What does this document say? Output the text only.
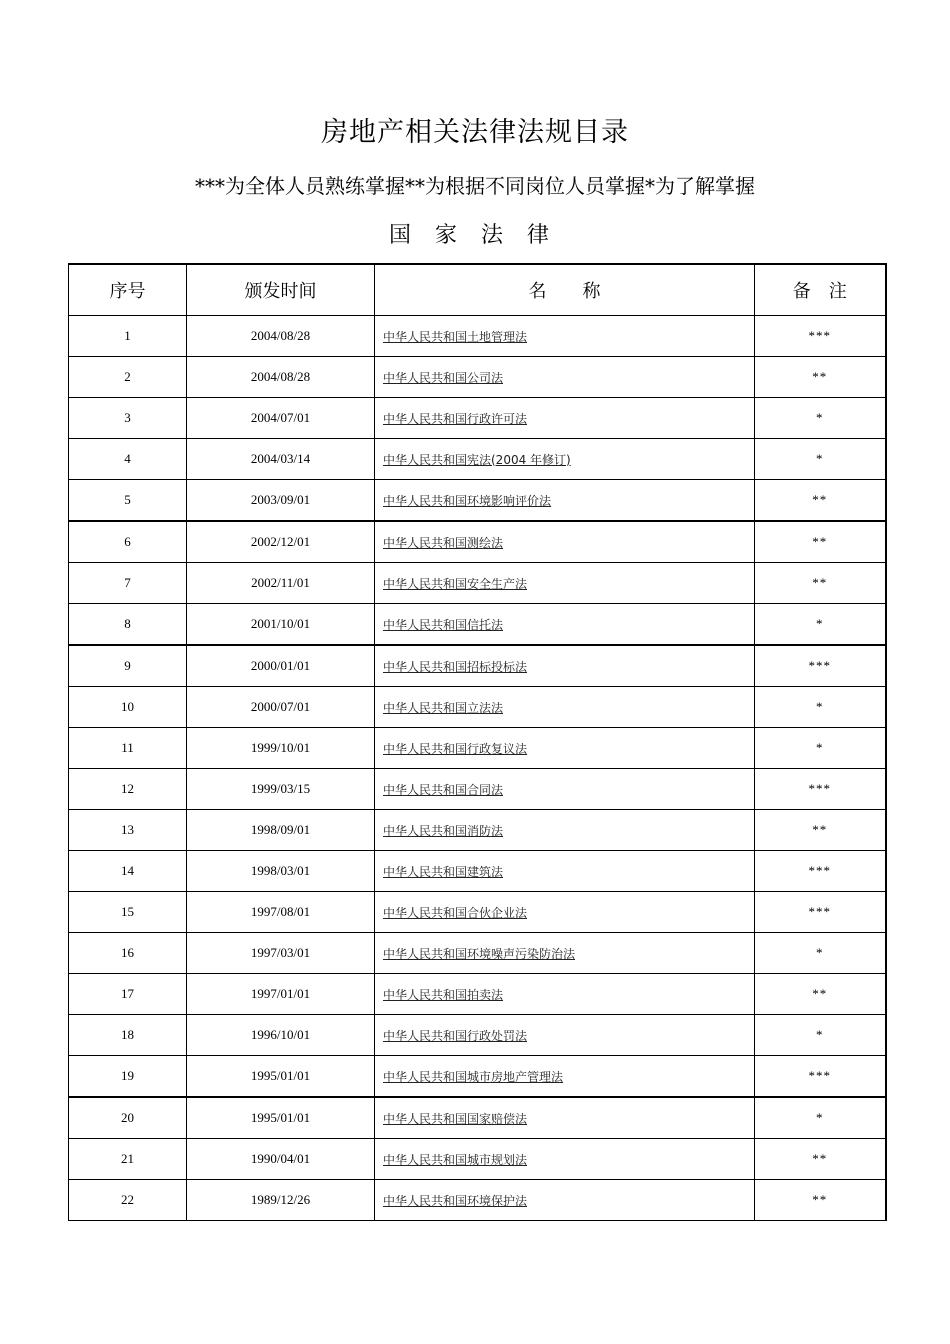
房地产相关法律法规目录
***为全体人员熟练掌握**为根据不同岗位人员掌握*为了解掌握
国家法律
序号	颁发时间	名　　称	备　注
1	2004/08/28	中华人民共和国土地管理法	***
2	2004/08/28	中华人民共和国公司法	**
3	2004/07/01	中华人民共和国行政许可法	*
4	2004/03/14	中华人民共和国宪法(2004 年修订)	*
5	2003/09/01	中华人民共和国环境影响评价法	**
6	2002/12/01	中华人民共和国测绘法	**
7	2002/11/01	中华人民共和国安全生产法	**
8	2001/10/01	中华人民共和国信托法	*
9	2000/01/01	中华人民共和国招标投标法	***
10	2000/07/01	中华人民共和国立法法	*
11	1999/10/01	中华人民共和国行政复议法	*
12	1999/03/15	中华人民共和国合同法	***
13	1998/09/01	中华人民共和国消防法	**
14	1998/03/01	中华人民共和国建筑法	***
15	1997/08/01	中华人民共和国合伙企业法	***
16	1997/03/01	中华人民共和国环境噪声污染防治法	*
17	1997/01/01	中华人民共和国拍卖法	**
18	1996/10/01	中华人民共和国行政处罚法	*
19	1995/01/01	中华人民共和国城市房地产管理法	***
20	1995/01/01	中华人民共和国国家赔偿法	*
21	1990/04/01	中华人民共和国城市规划法	**
22	1989/12/26	中华人民共和国环境保护法	**
